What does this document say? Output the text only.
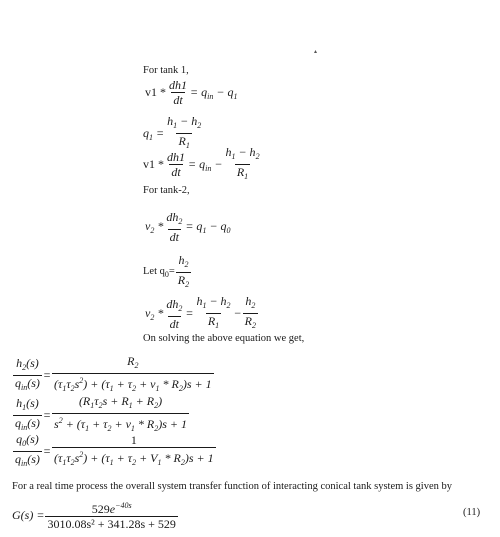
▴
For tank 1,
$v1 * \frac{dh1}{dt} = q_{in} - q_1$
$q_1 = \frac{h_1 - h_2}{R_1}$
$v1 * \frac{dh1}{dt} = q_{in} - \frac{h_1 - h_2}{R_1}$
For tank-2,
$v_2 * \frac{dh_2}{dt} = q_1 - q_0$
Let $q_0= \frac{h_2}{R_2}$
$v_2 * \frac{dh_2}{dt} = \frac{h_1 - h_2}{R_1} - \frac{h_2}{R_2}$
On solving the above equation we get,
$\frac{h_2(s)}{q_{in}(s)} = \frac{R_2}{(\tau_1\tau_2s^2) + (\tau_1 + \tau_2 + v_1 * R_2)s + 1}$
$\frac{h_1(s)}{q_{in}(s)} = \frac{(R_1\tau_2s + R_1 + R_2)}{s^2 + (\tau_1 + \tau_2 + v_1 * R_2)s + 1}$
$\frac{q_0(s)}{q_{in}(s)} = \frac{1}{(\tau_1\tau_2s^2) + (\tau_1 + \tau_2 + V_1 * R_2)s + 1}$
For a real time process the overall system transfer function of interacting conical tank system is given by
$G(s) = \frac{529e^{-40s}}{\text{3010.08s² + 341.28s + 529}}$	(11)
